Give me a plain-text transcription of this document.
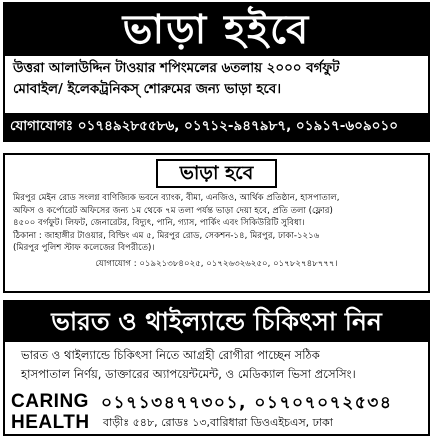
ভাড়া হইবে
উত্তরা আলাউদ্দিন টাওয়ার শপিংমলের ৬তলায় ২০০০ বর্গফুট
মোবাইল/ ইলেকট্রনিকস্ শোরুমের জন্য ভাড়া হবে।
যোগাযোগঃ ০১৭৪৯২৮৫৫৮৬, ০১৭১২-৯৪৭৯৮৭, ০১৯১৭-৬০৯০১০
ভাড়া হবে
মিরপুর মেইন রোড সংলগ্ন বাণিজ্যিক ভবনে ব্যাংক, বীমা, এনজিও, আর্থিক প্রতিষ্ঠান, হাসপাতাল,
অফিস ও কর্পোরেট অফিসের জন্য ১ম থেকে ৭ম তলা পর্যন্ত ভাড়া দেয়া হবে, প্রতি তলা (ফ্লোর)
৪৫০০ বর্গফুট। লিফট, জেনারেটর, বিদ্যুৎ, পানি, গ্যাস, পার্কিং এবং সিকিউরিটি সুবিধা।
ঠিকানা : জাহাঙ্গীর টাওয়ার, বিল্ডিং এম ৫, মিরপুর রোড, সেকশন-১৪, মিরপুর, ঢাকা-১২১৬
(মিরপুর পুলিশ স্টাফ কলেজের বিপরীতে)।
যোগাযোগ : ০১৯২১৩৮৪০২৫, ০১৭২৬৩২৬২৫০, ০১৭৮২৭৪৮৭৭৭।
ভারত ও থাইল্যান্ডে চিকিৎসা নিন
ভারত ও থাইল্যান্ডে চিকিৎসা নিতে আগ্রহী রোগীরা পাচ্ছেন সঠিক
হাসপাতাল নির্ণয়, ডাক্তারের অ্যাপয়েন্টমেন্ট, ও মেডিক্যাল ভিসা প্রসেসিং।
CARING
HEALTH
০১৭১৩৪৭৭৩০১, ০১৭০৭০৭২৫৩৪
বাড়ীঃ ৫৪৮, রোডঃ ১৩,বারিধারা ডিওএইচএস, ঢাকা
